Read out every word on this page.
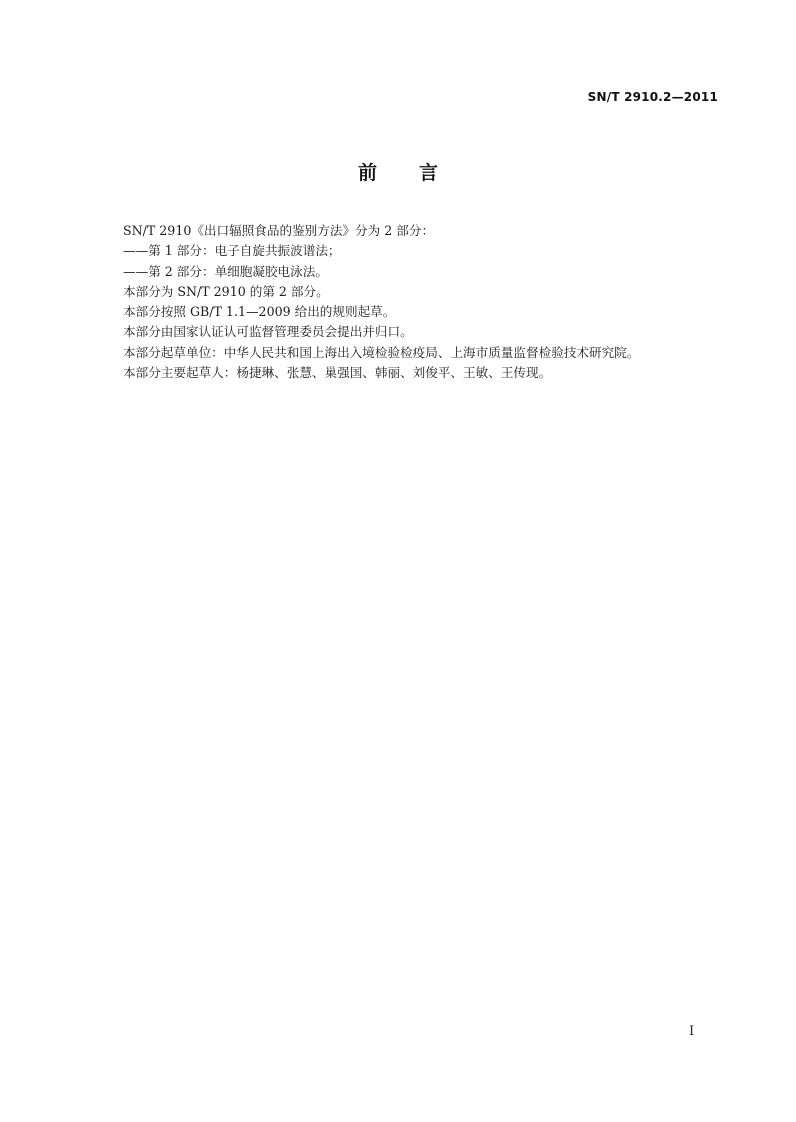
SN/T 2910.2—2011
前言
SN/T 2910《出口辐照食品的鉴别方法》分为 2 部分：
——第 1 部分：电子自旋共振波谱法；
——第 2 部分：单细胞凝胶电泳法。
本部分为 SN/T 2910 的第 2 部分。
本部分按照 GB/T 1.1—2009 给出的规则起草。
本部分由国家认证认可监督管理委员会提出并归口。
本部分起草单位：中华人民共和国上海出入境检验检疫局、上海市质量监督检验技术研究院。
本部分主要起草人：杨捷琳、张慧、巢强国、韩丽、刘俊平、王敏、王传现。
I
